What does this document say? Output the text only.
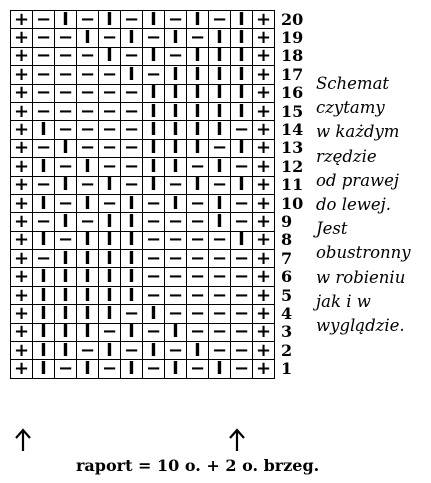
+	−	I	−	I	−	I	−	I	−	I	+	20
+	−	−	I	−	I	−	I	−	I	I	+	19
+	−	−	−	I	−	I	−	I	I	I	+	18
+	−	−	−	−	I	−	I	I	I	I	+	17
+	−	−	−	−	−	I	I	I	I	I	+	16
+	−	−	−	−	−	I	I	I	I	I	+	15
+	I	−	−	−	−	I	I	I	I	−	+	14
+	−	I	−	−	−	I	I	I	−	I	+	13
+	I	−	I	−	−	I	I	−	I	−	+	12
+	−	I	−	I	−	I	−	I	−	I	+	11
+	I	−	I	−	I	−	I	−	I	−	+	10
+	−	I	−	I	I	−	−	−	I	−	+	9
+	I	−	I	I	I	−	−	−	−	I	+	8
+	−	I	I	I	I	−	−	−	−	−	+	7
+	I	I	I	I	I	−	−	−	−	−	+	6
+	I	I	I	I	I	−	−	−	−	−	+	5
+	I	I	I	I	−	I	−	−	−	−	+	4
+	I	I	I	−	I	−	I	−	−	−	+	3
+	I	I	−	I	−	I	−	I	−	−	+	2
+	I	−	I	−	I	−	I	−	I	−	+	1
Schemat
czytamy
w każdym
rzędzie
od prawej
do lewej.
Jest
obustronny
w robieniu
jak i w
wyglądzie.
raport = 10 o. + 2 o. brzeg.
